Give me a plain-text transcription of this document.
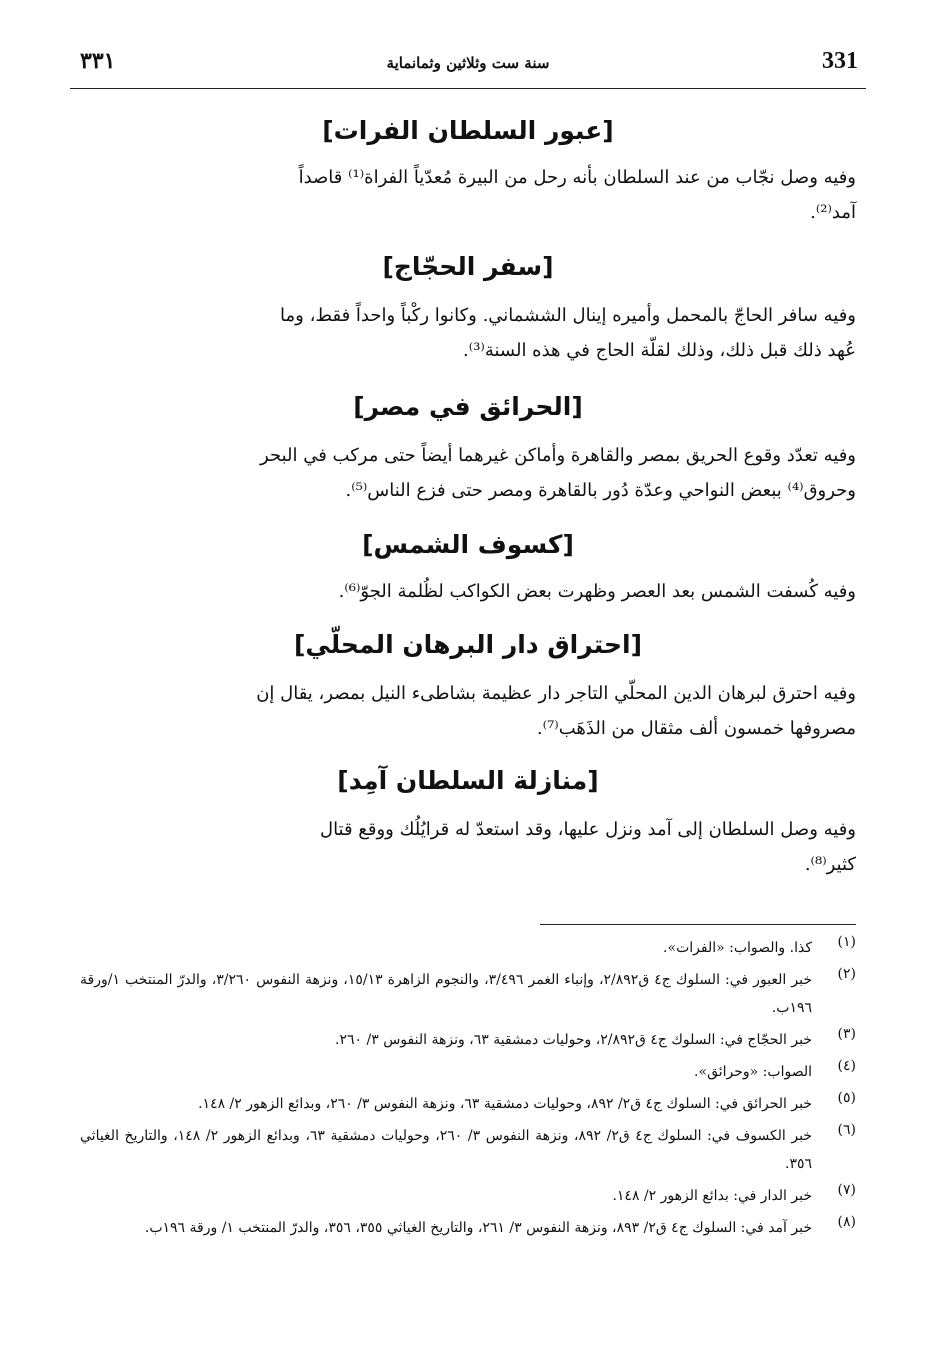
331
سنة ست وثلاثين وثمانماية
٣٣١
[عبور السلطان الفرات]
وفيه وصل نجّاب من عند السلطان بأنه رحل من البيرة مُعدّياً الفراة⁽¹⁾ قاصداً
آمد⁽²⁾.
[سفر الحجّاج]
وفيه سافر الحاجّ بالمحمل وأميره إينال الششماني. وكانوا ركْباً واحداً فقط، وما
عُهد ذلك قبل ذلك، وذلك لقلّة الحاج في هذه السنة⁽³⁾.
[الحرائق في مصر]
وفيه تعدّد وقوع الحريق بمصر والقاهرة وأماكن غيرهما أيضاً حتى مركب في البحر
وحروق⁽⁴⁾ ببعض النواحي وعدّة دُور بالقاهرة ومصر حتى فزع الناس⁽⁵⁾.
[كسوف الشمس]
وفيه كُسفت الشمس بعد العصر وظهرت بعض الكواكب لظُلمة الجوّ⁽⁶⁾.
[احتراق دار البرهان المحلّي]
وفيه احترق لبرهان الدين المحلّي التاجر دار عظيمة بشاطىء النيل بمصر، يقال إن
مصروفها خمسون ألف مثقال من الذَهَب⁽⁷⁾.
[منازلة السلطان آمِد]
وفيه وصل السلطان إلى آمد ونزل عليها، وقد استعدّ له قرايُلُك ووقع قتال
كثير⁽⁸⁾.
(١)
كذا. والصواب: «الفرات».
(٢)
خبر العبور في: السلوك ج٤ ق٢/٨٩٢، وإنباء الغمر ٣/٤٩٦، والنجوم الزاهرة ١٥/١٣، ونزهة النفوس ٣/٢٦٠، والدرّ المنتخب ١/ورقة ١٩٦ب.
(٣)
خبر الحجّاج في: السلوك ج٤ ق٢/٨٩٢، وحوليات دمشقية ٦٣، ونزهة النفوس ٣/ ٢٦٠.
(٤)
الصواب: «وحرائق».
(٥)
خبر الحرائق في: السلوك ج٤ ق٢/ ٨٩٢، وحوليات دمشقية ٦٣، ونزهة النفوس ٣/ ٢٦٠، وبدائع الزهور ٢/ ١٤٨.
(٦)
خبر الكسوف في: السلوك ج٤ ق٢/ ٨٩٢، ونزهة النفوس ٣/ ٢٦٠، وحوليات دمشقية ٦٣، وبدائع الزهور ٢/ ١٤٨، والتاريخ الغياثي ٣٥٦.
(٧)
خبر الدار في: بدائع الزهور ٢/ ١٤٨.
(٨)
خبر آمد في: السلوك ج٤ ق٢/ ٨٩٣، ونزهة النفوس ٣/ ٢٦١، والتاريخ الغياثي ٣٥٥، ٣٥٦، والدرّ المنتخب ١/ ورقة ١٩٦ب.
